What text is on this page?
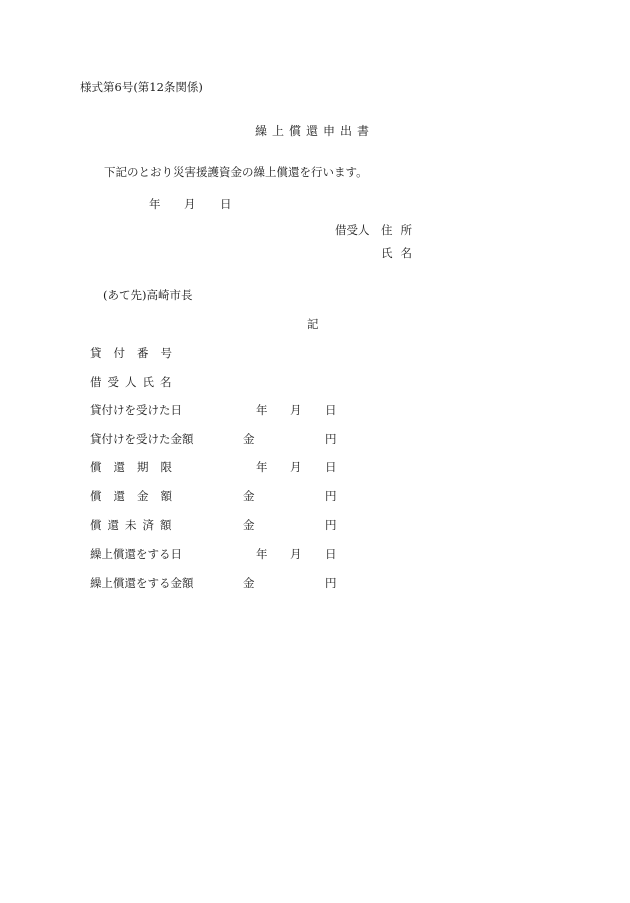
様式第6号(第12条関係)
繰上償還申出書
下記のとおり災害援護資金の繰上償還を行います。
年 月 日
借受人 住所
氏名
(あて先)高崎市長
記
貸付番号
借受人氏名
貸付けを受けた日	年 月 日
貸付けを受けた金額	金	円
償還期限	年 月 日
償還金額	金	円
償還未済額	金	円
繰上償還をする日	年 月 日
繰上償還をする金額	金	円
